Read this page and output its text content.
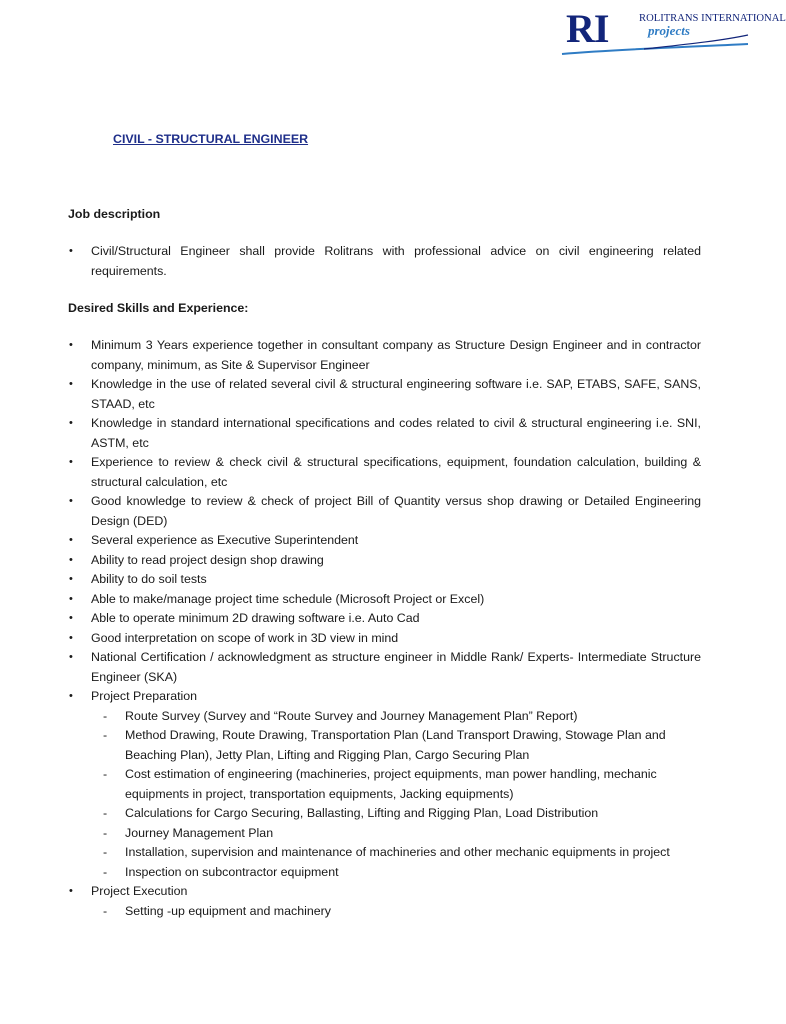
RI	ROLITRANS INTERNATIONAL
projects
CIVIL - STRUCTURAL ENGINEER
Job description
• Civil/Structural Engineer shall provide Rolitrans with professional advice on civil engineering related requirements.
Desired Skills and Experience:
• Minimum 3 Years experience together in consultant company as Structure Design Engineer and in contractor company, minimum, as Site & Supervisor Engineer
• Knowledge in the use of related several civil & structural engineering software i.e. SAP, ETABS, SAFE, SANS, STAAD, etc
• Knowledge in standard international specifications and codes related to civil & structural engineering i.e. SNI, ASTM, etc
• Experience to review & check civil & structural specifications, equipment, foundation calculation, building & structural calculation, etc
• Good knowledge to review & check of project Bill of Quantity versus shop drawing or Detailed Engineering Design (DED)
• Several experience as Executive Superintendent
• Ability to read project design shop drawing
• Ability to do soil tests
• Able to make/manage project time schedule (Microsoft Project or Excel)
• Able to operate minimum 2D drawing software i.e. Auto Cad
• Good interpretation on scope of work in 3D view in mind
• National Certification / acknowledgment as structure engineer in Middle Rank/ Experts- Intermediate Structure Engineer (SKA)
• Project Preparation
- Route Survey (Survey and “Route Survey and Journey Management Plan” Report)
- Method Drawing, Route Drawing, Transportation Plan (Land Transport Drawing, Stowage Plan and Beaching Plan), Jetty Plan, Lifting and Rigging Plan, Cargo Securing Plan
- Cost estimation of engineering (machineries, project equipments, man power handling, mechanic equipments in project, transportation equipments, Jacking equipments)
- Calculations for Cargo Securing, Ballasting, Lifting and Rigging Plan, Load Distribution
- Journey Management Plan
- Installation, supervision and maintenance of machineries and other mechanic equipments in project
- Inspection on subcontractor equipment
• Project Execution
- Setting -up equipment and machinery
